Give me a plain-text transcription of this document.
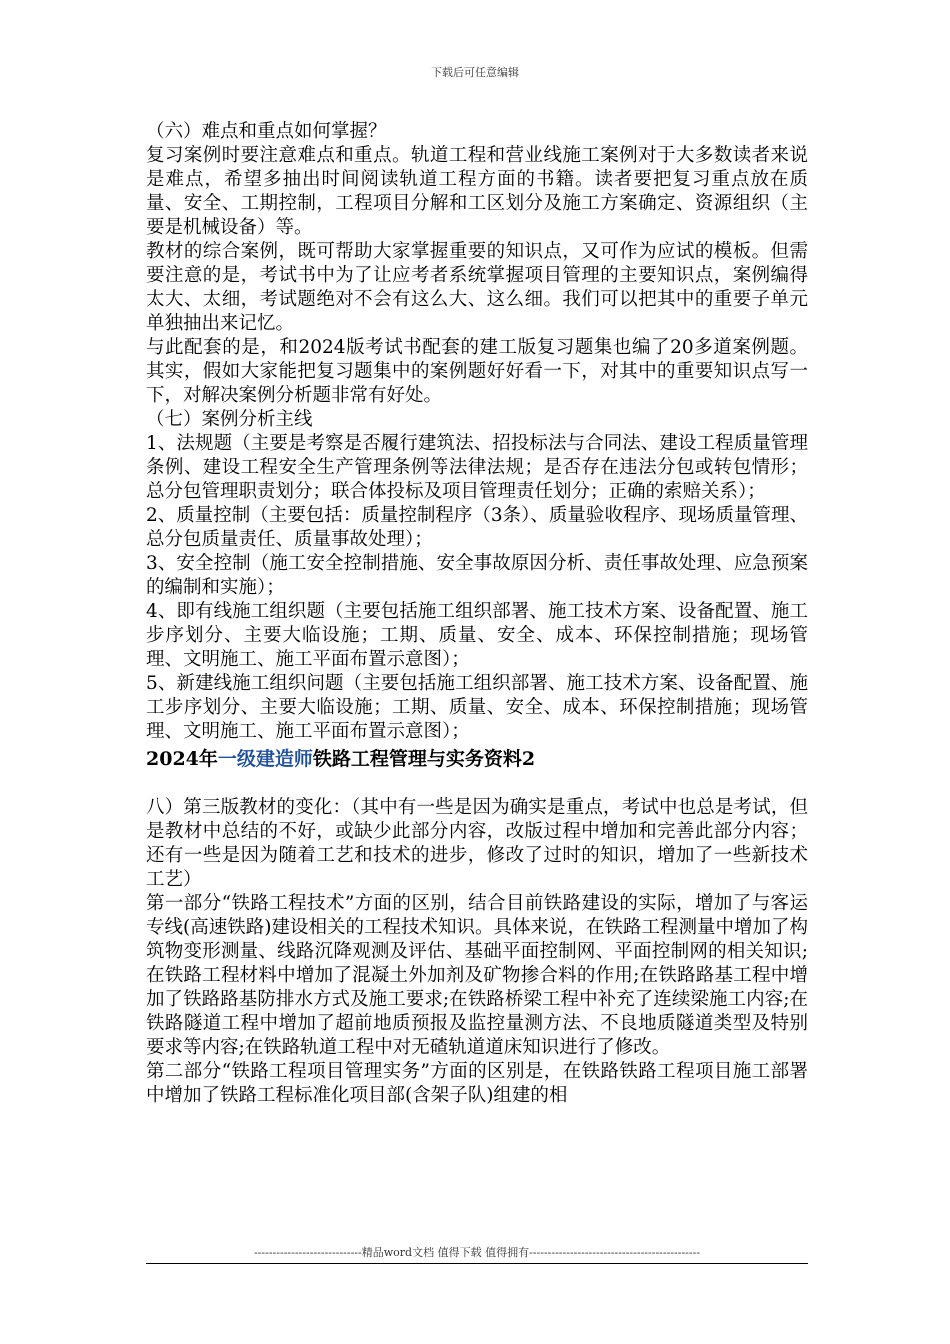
下载后可任意编辑

（六）难点和重点如何掌握？

复习案例时要注意难点和重点。轨道工程和营业线施工案例对于大多数读者来说是难点，希望多抽出时间阅读轨道工程方面的书籍。读者要把复习重点放在质量、安全、工期控制，工程项目分解和工区划分及施工方案确定、资源组织（主要是机械设备）等。

教材的综合案例，既可帮助大家掌握重要的知识点，又可作为应试的模板。但需要注意的是，考试书中为了让应考者系统掌握项目管理的主要知识点，案例编得太大、太细，考试题绝对不会有这么大、这么细。我们可以把其中的重要子单元单独抽出来记忆。

与此配套的是，和2024版考试书配套的建工版复习题集也编了20多道案例题。其实，假如大家能把复习题集中的案例题好好看一下，对其中的重要知识点写一下，对解决案例分析题非常有好处。

（七）案例分析主线

1、法规题（主要是考察是否履行建筑法、招投标法与合同法、建设工程质量管理条例、建设工程安全生产管理条例等法律法规；是否存在违法分包或转包情形；总分包管理职责划分；联合体投标及项目管理责任划分；正确的索赔关系）；

2、质量控制（主要包括：质量控制程序（3条）、质量验收程序、现场质量管理、总分包质量责任、质量事故处理）；

3、安全控制（施工安全控制措施、安全事故原因分析、责任事故处理、应急预案的编制和实施）；

4、即有线施工组织题（主要包括施工组织部署、施工技术方案、设备配置、施工步序划分、主要大临设施；工期、质量、安全、成本、环保控制措施；现场管理、文明施工、施工平面布置示意图）；

5、新建线施工组织问题（主要包括施工组织部署、施工技术方案、设备配置、施工步序划分、主要大临设施；工期、质量、安全、成本、环保控制措施；现场管理、文明施工、施工平面布置示意图）；

2024年一级建造师铁路工程管理与实务资料2

八）第三版教材的变化：（其中有一些是因为确实是重点，考试中也总是考试，但是教材中总结的不好，或缺少此部分内容，改版过程中增加和完善此部分内容；还有一些是因为随着工艺和技术的进步，修改了过时的知识，增加了一些新技术工艺）

第一部分“铁路工程技术”方面的区别，结合目前铁路建设的实际，增加了与客运专线(高速铁路)建设相关的工程技术知识。具体来说，在铁路工程测量中增加了构筑物变形测量、线路沉降观测及评估、基础平面控制网、平面控制网的相关知识;在铁路工程材料中增加了混凝土外加剂及矿物掺合料的作用;在铁路路基工程中增加了铁路路基防排水方式及施工要求;在铁路桥梁工程中补充了连续梁施工内容;在铁路隧道工程中增加了超前地质预报及监控量测方法、不良地质隧道类型及特别要求等内容;在铁路轨道工程中对无碴轨道道床知识进行了修改。

第二部分“铁路工程项目管理实务”方面的区别是，在铁路铁路工程项目施工部署中增加了铁路工程标准化项目部(含架子队)组建的相

-----------------------------精品word文档 值得下载 值得拥有----------------------------------------------
